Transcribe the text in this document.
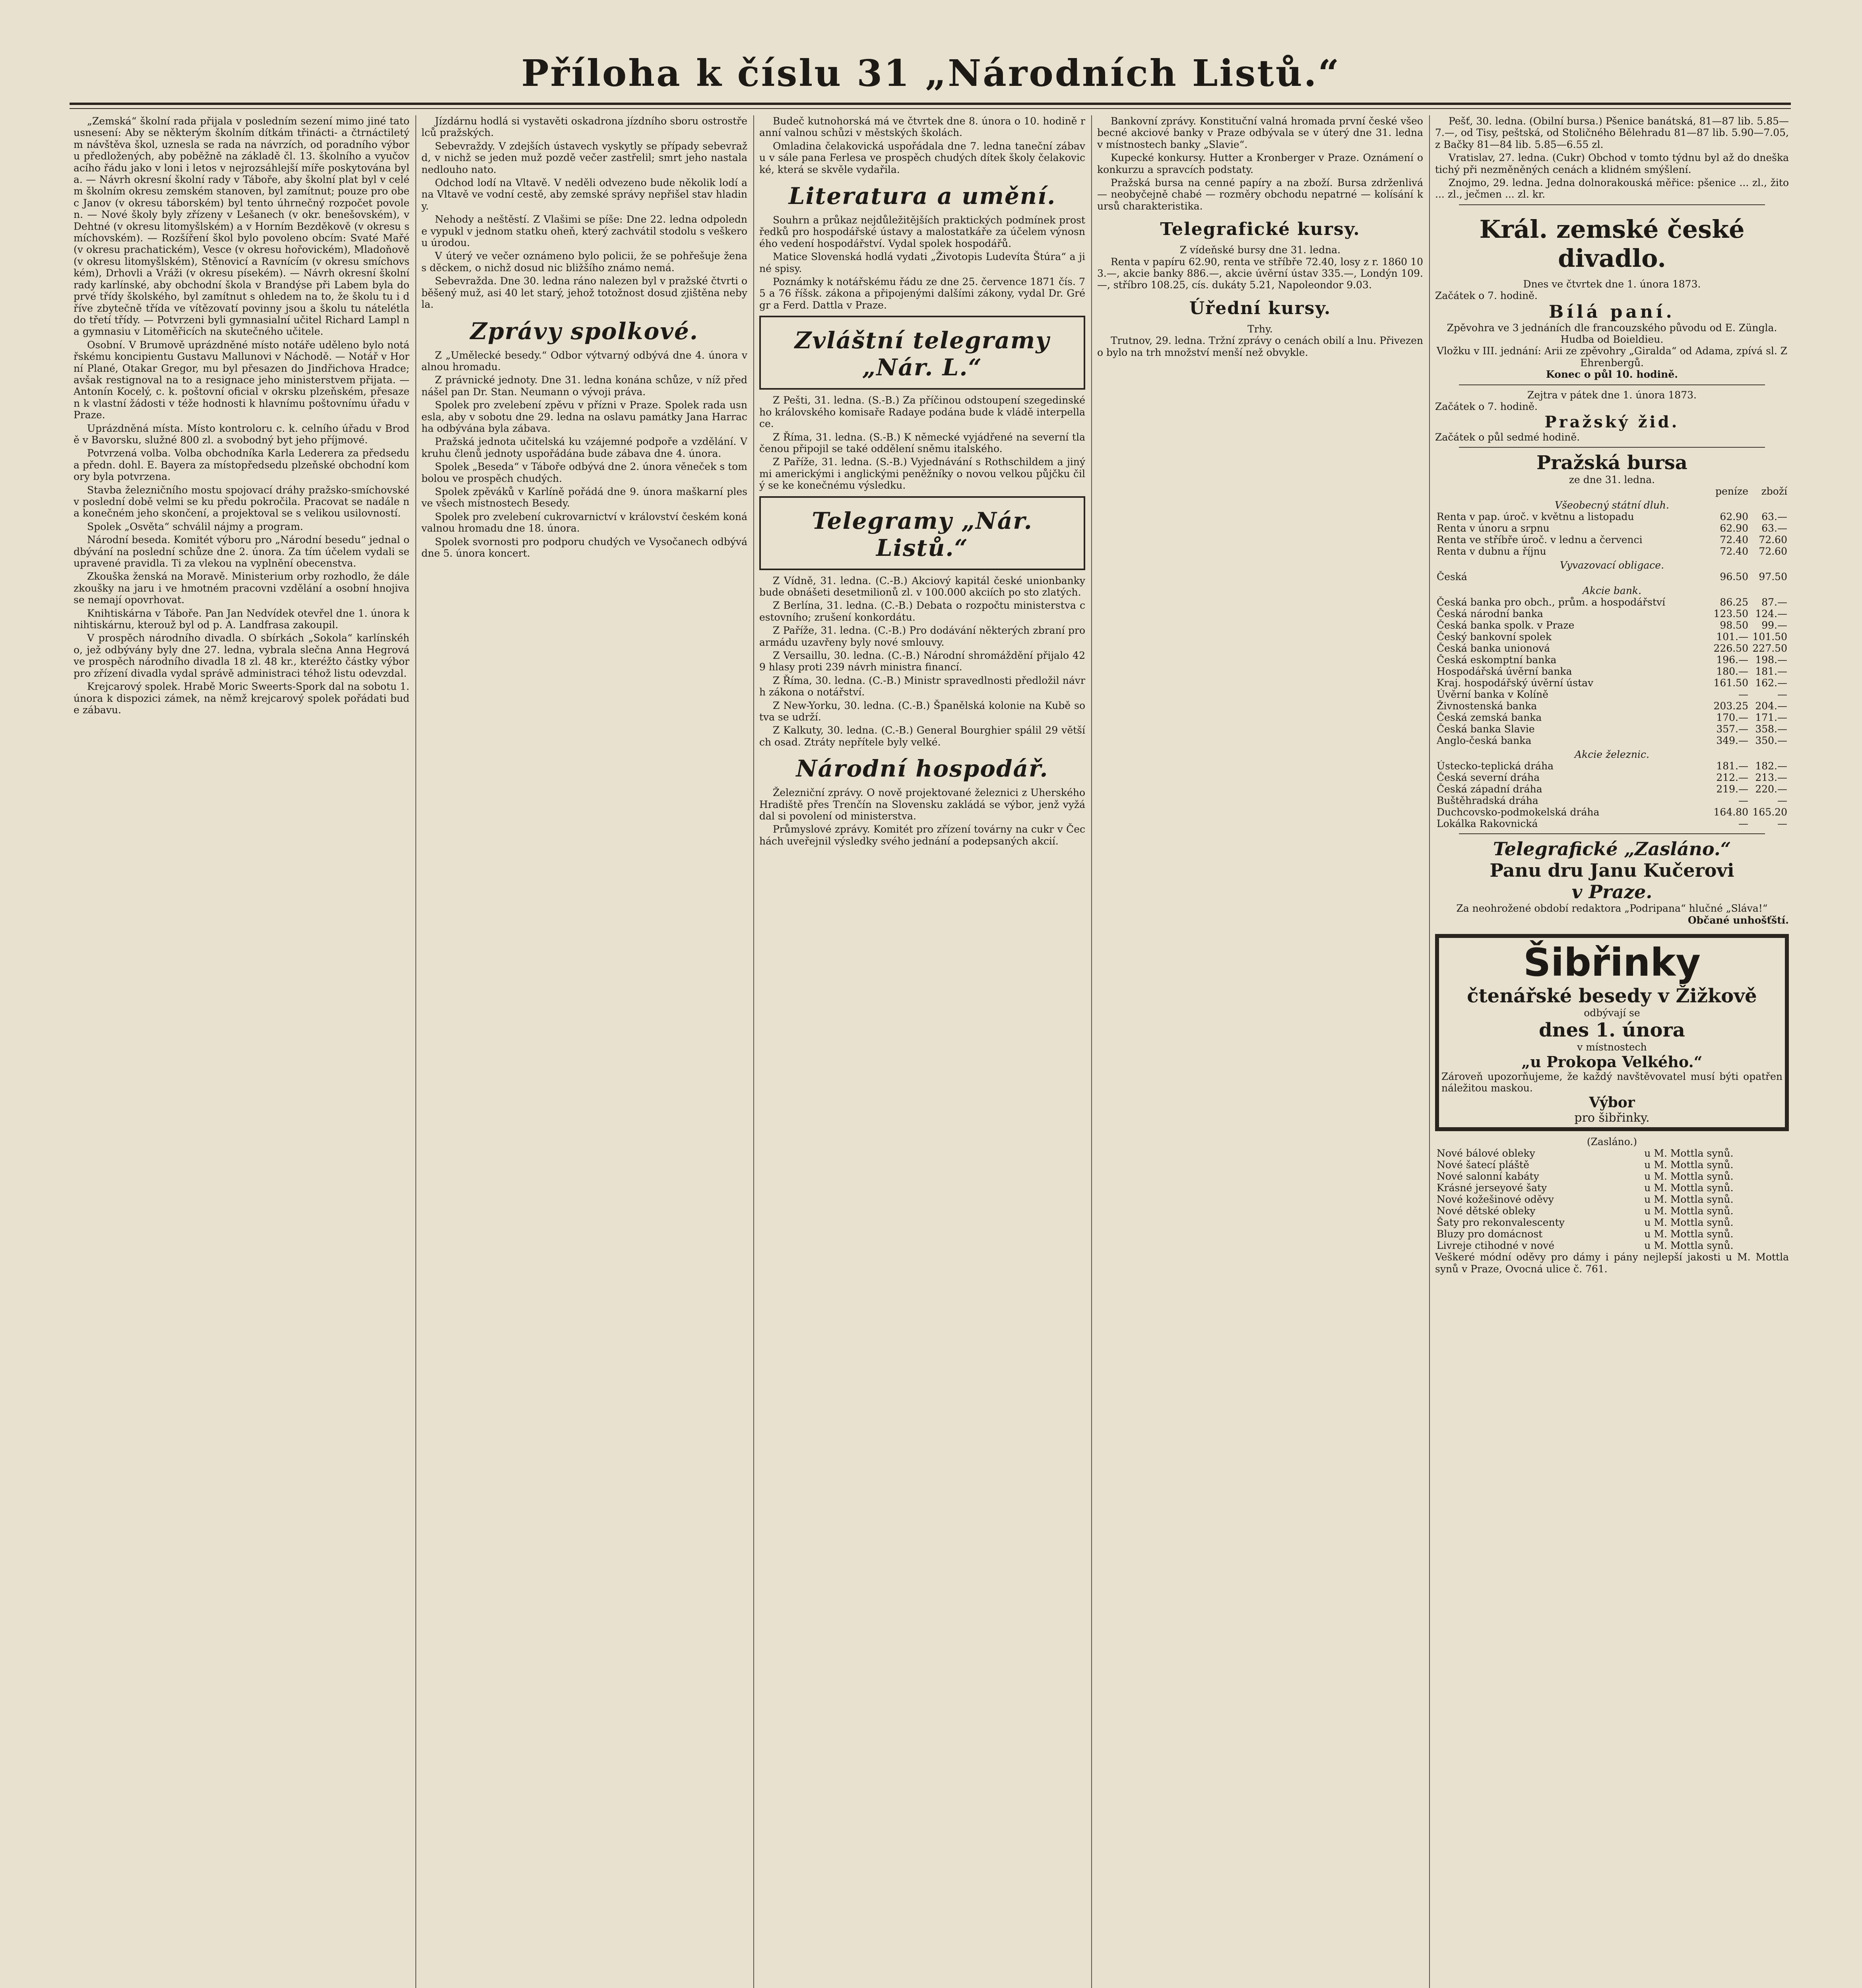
Příloha k číslu 31 „Národních Listů.“

„Zemská“ školní rada přijala v posledním sezení mimo jiné tato usnesení: Aby se některým školním dítkám třinácti- a čtrnáctiletým návštěva škol, uznesla se rada na návrzích, od poradního výboru předložených, aby poběžně na základě čl. 13. školního a vyučovacího řádu jako v loni i letos v nejrozsáhlejší míře poskytována byla. — Návrh okresní školní rady v Táboře, aby školní plat byl v celém školním okresu zemském stanoven, byl zamítnut; pouze pro obec Janov (v okresu táborském) byl tento úhrnečný rozpočet povolen. — Nové školy byly zřízeny v Lešanech (v okr. benešovském), v Dehtné (v okresu litomyšlském) a v Horním Bezděkově (v okresu smíchovském). — Rozšíření škol bylo povoleno obcím: Svaté Mařé (v okresu prachatickém), Vesce (v okresu hořovickém), Mladoňově (v okresu litomyšlském), Stěnovicí a Ravnícím (v okresu smíchovském), Drhovli a Vráži (v okresu písekém). — Návrh okresní školní rady karlínské, aby obchodní škola v Brandýse při Labem byla do prvé třídy školského, byl zamítnut s ohledem na to, že školu tu i dříve zbytečně třída ve vítězovatí povinny jsou a školu tu nátelétla do třetí třídy. — Potvrzeni byli gymnasialní učitel Richard Lampl na gymnasiu v Litoměřicích na skutečného učitele.

Osobní. V Brumově uprázdněné místo notáře uděleno bylo notářskému koncipientu Gustavu Mallunovi v Náchodě. — Notář v Horní Plané, Otakar Gregor, mu byl přesazen do Jindřichova Hradce; avšak restignoval na to a resignace jeho ministerstvem přijata. — Antonín Kocelý, c. k. poštovní oficial v okrsku plzeňském, přesazen k vlastní žádosti v téže hodnosti k hlavnímu poštovnímu úřadu v Praze.

Uprázdněná místa. Místo kontroloru c. k. celního úřadu v Brodě v Bavorsku, služné 800 zl. a svobodný byt jeho příjmové.

Potvrzená volba. Volba obchodníka Karla Lederera za předsedu a předn. dohl. E. Bayera za místopředsedu plzeňské obchodní komory byla potvrzena.

Stavba železničního mostu spojovací dráhy pražsko-smíchovské v poslední době velmi se ku předu pokročila. Pracovat se nadále na konečném jeho skončení, a projektoval se s velikou usilovností.

Spolek „Osvěta“ schválil nájmy a program.

Národní beseda. Komitét výboru pro „Národní besedu“ jednal odbývání na poslední schůze dne 2. února. Za tím účelem vydali se upravené pravidla. Ti za vlekou na vyplnění obecenstva.

Zkouška ženská na Moravě. Ministerium orby rozhodlo, že dále zkoušky na jaru i ve hmotném pracovni vzdělání a osobní hnojiva se nemají opovrhovat.

Knihtiskárna v Táboře. Pan Jan Nedvídek otevřel dne 1. února knihtiskárnu, kterouž byl od p. A. Landfrasa zakoupil.

V prospěch národního divadla. O sbírkách „Sokola“ karlínského, jež odbývány byly dne 27. ledna, vybrala slečna Anna Hegrová ve prospěch národního divadla 18 zl. 48 kr., kteréžto částky výbor pro zřízení divadla vydal správě administraci téhož listu odevzdal.

Krejcarový spolek. Hrabě Moric Sweerts-Spork dal na sobotu 1. února k dispozici zámek, na němž krejcarový spolek pořádati bude zábavu.

Jízdárnu hodlá si vystavěti oskadrona jízdního sboru ostrostřelců pražských.

Sebevraždy. V zdejších ústavech vyskytly se případy sebevražd, v nichž se jeden muž pozdě večer zastřelil; smrt jeho nastala nedlouho nato.

Odchod lodí na Vltavě. V neděli odvezeno bude několik lodí a na Vltavě ve vodní cestě, aby zemské správy nepřišel stav hladiny.

Nehody a neštěstí. Z Vlašimi se píše: Dne 22. ledna odpoledne vypukl v jednom statku oheň, který zachvátil stodolu s veškerou úrodou.

V úterý ve večer oznámeno bylo policii, že se pohřešuje žena s děckem, o nichž dosud nic bližšího známo nemá.

Sebevražda. Dne 30. ledna ráno nalezen byl v pražské čtvrti oběšený muž, asi 40 let starý, jehož totožnost dosud zjištěna nebyla.

Zprávy spolkové.

Z „Umělecké besedy.“ Odbor výtvarný odbývá dne 4. února valnou hromadu.

Z právnické jednoty. Dne 31. ledna konána schůze, v níž přednášel pan Dr. Stan. Neumann o vývoji práva.

Spolek pro zvelebení zpěvu v přízni v Praze. Spolek rada usnesla, aby v sobotu dne 29. ledna na oslavu památky Jana Harracha odbývána byla zábava.

Pražská jednota učitelská ku vzájemné podpoře a vzdělání. V kruhu členů jednoty uspořádána bude zábava dne 4. února.

Spolek „Beseda“ v Táboře odbývá dne 2. února věneček s tombolou ve prospěch chudých.

Spolek zpěváků v Karlíně pořádá dne 9. února maškarní ples ve všech místnostech Besedy.

Spolek pro zvelebení cukrovarnictví v království českém koná valnou hromadu dne 18. února.

Spolek svornosti pro podporu chudých ve Vysočanech odbývá dne 5. února koncert.

Budeč kutnohorská má ve čtvrtek dne 8. února o 10. hodině ranní valnou schůzi v městských školách.

Omladina čelakovická uspořádala dne 7. ledna taneční zábavu v sále pana Ferlesa ve prospěch chudých dítek školy čelakovické, která se skvěle vydařila.

Literatura a umění.

Souhrn a průkaz nejdůležitějších praktických podmínek prostředků pro hospodářské ústavy a malostatkáře za účelem výnosného vedení hospodářství. Vydal spolek hospodářů.

Matice Slovenská hodlá vydati „Životopis Ludevíta Štúra“ a jiné spisy.

Poznámky k notářskému řádu ze dne 25. července 1871 čís. 75 a 76 říšsk. zákona a připojenými dalšími zákony, vydal Dr. Grégr a Ferd. Dattla v Praze.

Zvláštní telegramy „Nár. L.“

Z Pešti, 31. ledna. (S.-B.) Za příčinou odstoupení szegedinského královského komisaře Radaye podána bude k vládě interpellace.

Z Říma, 31. ledna. (S.-B.) K německé vyjádřené na severní tlačenou připojil se také oddělení sněmu italského.

Z Paříže, 31. ledna. (S.-B.) Vyjednávání s Rothschildem a jinými americkými i anglickými peněžníky o novou velkou půjčku čilý se ke konečnému výsledku.

Telegramy „Nár. Listů.“

Z Vídně, 31. ledna. (C.-B.) Akciový kapitál české unionbanky bude obnášeti desetmilionů zl. v 100.000 akciích po sto zlatých.

Z Berlína, 31. ledna. (C.-B.) Debata o rozpočtu ministerstva cestovního; zrušení konkordátu.

Z Paříže, 31. ledna. (C.-B.) Pro dodávání některých zbraní pro armádu uzavřeny byly nové smlouvy.

Z Versaillu, 30. ledna. (C.-B.) Národní shromáždění přijalo 429 hlasy proti 239 návrh ministra financí.

Z Říma, 30. ledna. (C.-B.) Ministr spravedlnosti předložil návrh zákona o notářství.

Z New-Yorku, 30. ledna. (C.-B.) Španělská kolonie na Kubě sotva se udrží.

Z Kalkuty, 30. ledna. (C.-B.) General Bourghier spálil 29 větších osad. Ztráty nepřítele byly velké.

Národní hospodář.

Železniční zprávy. O nově projektované železnici z Uherského Hradiště přes Trenčín na Slovensku zakládá se výbor, jenž vyžádal si povolení od ministerstva.

Průmyslové zprávy. Komitét pro zřízení továrny na cukr v Čechách uveřejnil výsledky svého jednání a podepsaných akcií.

Bankovní zprávy. Konstituční valná hromada první české všeobecné akciové banky v Praze odbývala se v úterý dne 31. ledna v místnostech banky „Slavie“.

Kupecké konkursy. Hutter a Kronberger v Praze. Oznámení o konkurzu a spravcích podstaty.

Pražská bursa na cenné papíry a na zboží. Bursa zdrženlivá — neobyčejně chabé — rozměry obchodu nepatrné — kolísání kursů charakteristika.

Telegrafické kursy.
Z vídeňské bursy dne 31. ledna.

Renta v papíru 62.90, renta ve stříbře 72.40, losy z r. 1860 103.—, akcie banky 886.—, akcie úvěrní ústav 335.—, Londýn 109.—, stříbro 108.25, cís. dukáty 5.21, Napoleondor 9.03.

Úřední kursy.
Trhy.

Trutnov, 29. ledna. Tržní zprávy o cenách obilí a lnu. Přivezeno bylo na trh množství menší než obvykle.

Pešť, 30. ledna. (Obilní bursa.) Pšenice banátská, 81—87 lib. 5.85—7.—, od Tisy, peštská, od Stoličného Bělehradu 81—87 lib. 5.90—7.05, z Bačky 81—84 lib. 5.85—6.55 zl.

Vratislav, 27. ledna. (Cukr) Obchod v tomto týdnu byl až do dneška tichý při nezměněných cenách a klidném smýšlení.

Znojmo, 29. ledna. Jedna dolnorakouská měřice: pšenice ... zl., žito ... zl., ječmen ... zl. kr.

Král. zemské české divadlo.
Dnes ve čtvrtek dne 1. února 1873.
Začátek o 7. hodině.
Bílá paní.
Zpěvohra ve 3 jednáních dle francouzského původu od E. Züngla. Hudba od Boieldieu.
Vložku v III. jednání: Arii ze zpěvohry „Giralda“ od Adama, zpívá sl. Z Ehrenbergů.
Konec o půl 10. hodině.
Zejtra v pátek dne 1. února 1873.
Začátek o 7. hodině.
Pražský žid.
Začátek o půl sedmé hodině.
Pražská bursa
ze dne 31. ledna.
	peníze	zboží
Všeobecný státní dluh.		
Renta v pap. úroč. v květnu a listopadu	62.90	63.—
Renta v únoru a srpnu	62.90	63.—
Renta ve stříbře úroč. v lednu a červenci	72.40	72.60
Renta v dubnu a říjnu	72.40	72.60
Vyvazovací obligace.		
Česká	96.50	97.50
Akcie bank.		
Česká banka pro obch., prům. a hospodářství	86.25	87.—
Česká národní banka	123.50	124.—
Česká banka spolk. v Praze	98.50	99.—
Český bankovní spolek	101.—	101.50
Česká banka unionová	226.50	227.50
Česká eskomptní banka	196.—	198.—
Hospodářská úvěrní banka	180.—	181.—
Kraj. hospodářský úvěrní ústav	161.50	162.—
Úvěrní banka v Kolíně	—	—
Živnostenská banka	203.25	204.—
Česká zemská banka	170.—	171.—
Česká banka Slavie	357.—	358.—
Anglo-česká banka	349.—	350.—
Akcie železnic.		
Ústecko-teplická dráha	181.—	182.—
Česká severní dráha	212.—	213.—
Česká západní dráha	219.—	220.—
Buštěhradská dráha	—	—
Duchcovsko-podmokelská dráha	164.80	165.20
Lokálka Rakovnická	—	—
Telegrafické „Zasláno.“
Panu dru Janu Kučerovi
v Praze.
Za neohrožené období redaktora „Podripana“ hlučné „Sláva!“
Občané unhošťští.
Šibřinky
čtenářské besedy v Žižkově
odbývají se
dnes 1. února
v místnostech
„u Prokopa Velkého.“
Zároveň upozorňujeme, že každý navštěvovatel musí býti opatřen náležitou maskou.
Výbor
pro šibřinky.
(Zasláno.)
Nové bálové obleky	u M. Mottla synů.
Nové šatecí pláště	u M. Mottla synů.
Nové salonní kabáty	u M. Mottla synů.
Krásné jerseyové šaty	u M. Mottla synů.
Nové kožešinové oděvy	u M. Mottla synů.
Nové dětské obleky	u M. Mottla synů.
Šaty pro rekonvalescenty	u M. Mottla synů.
Bluzy pro domácnost	u M. Mottla synů.
Livreje ctihodné v nové	u M. Mottla synů.
Veškeré módní oděvy pro dámy i pány nejlepší jakosti u M. Mottla synů v Praze, Ovocná ulice č. 761.
